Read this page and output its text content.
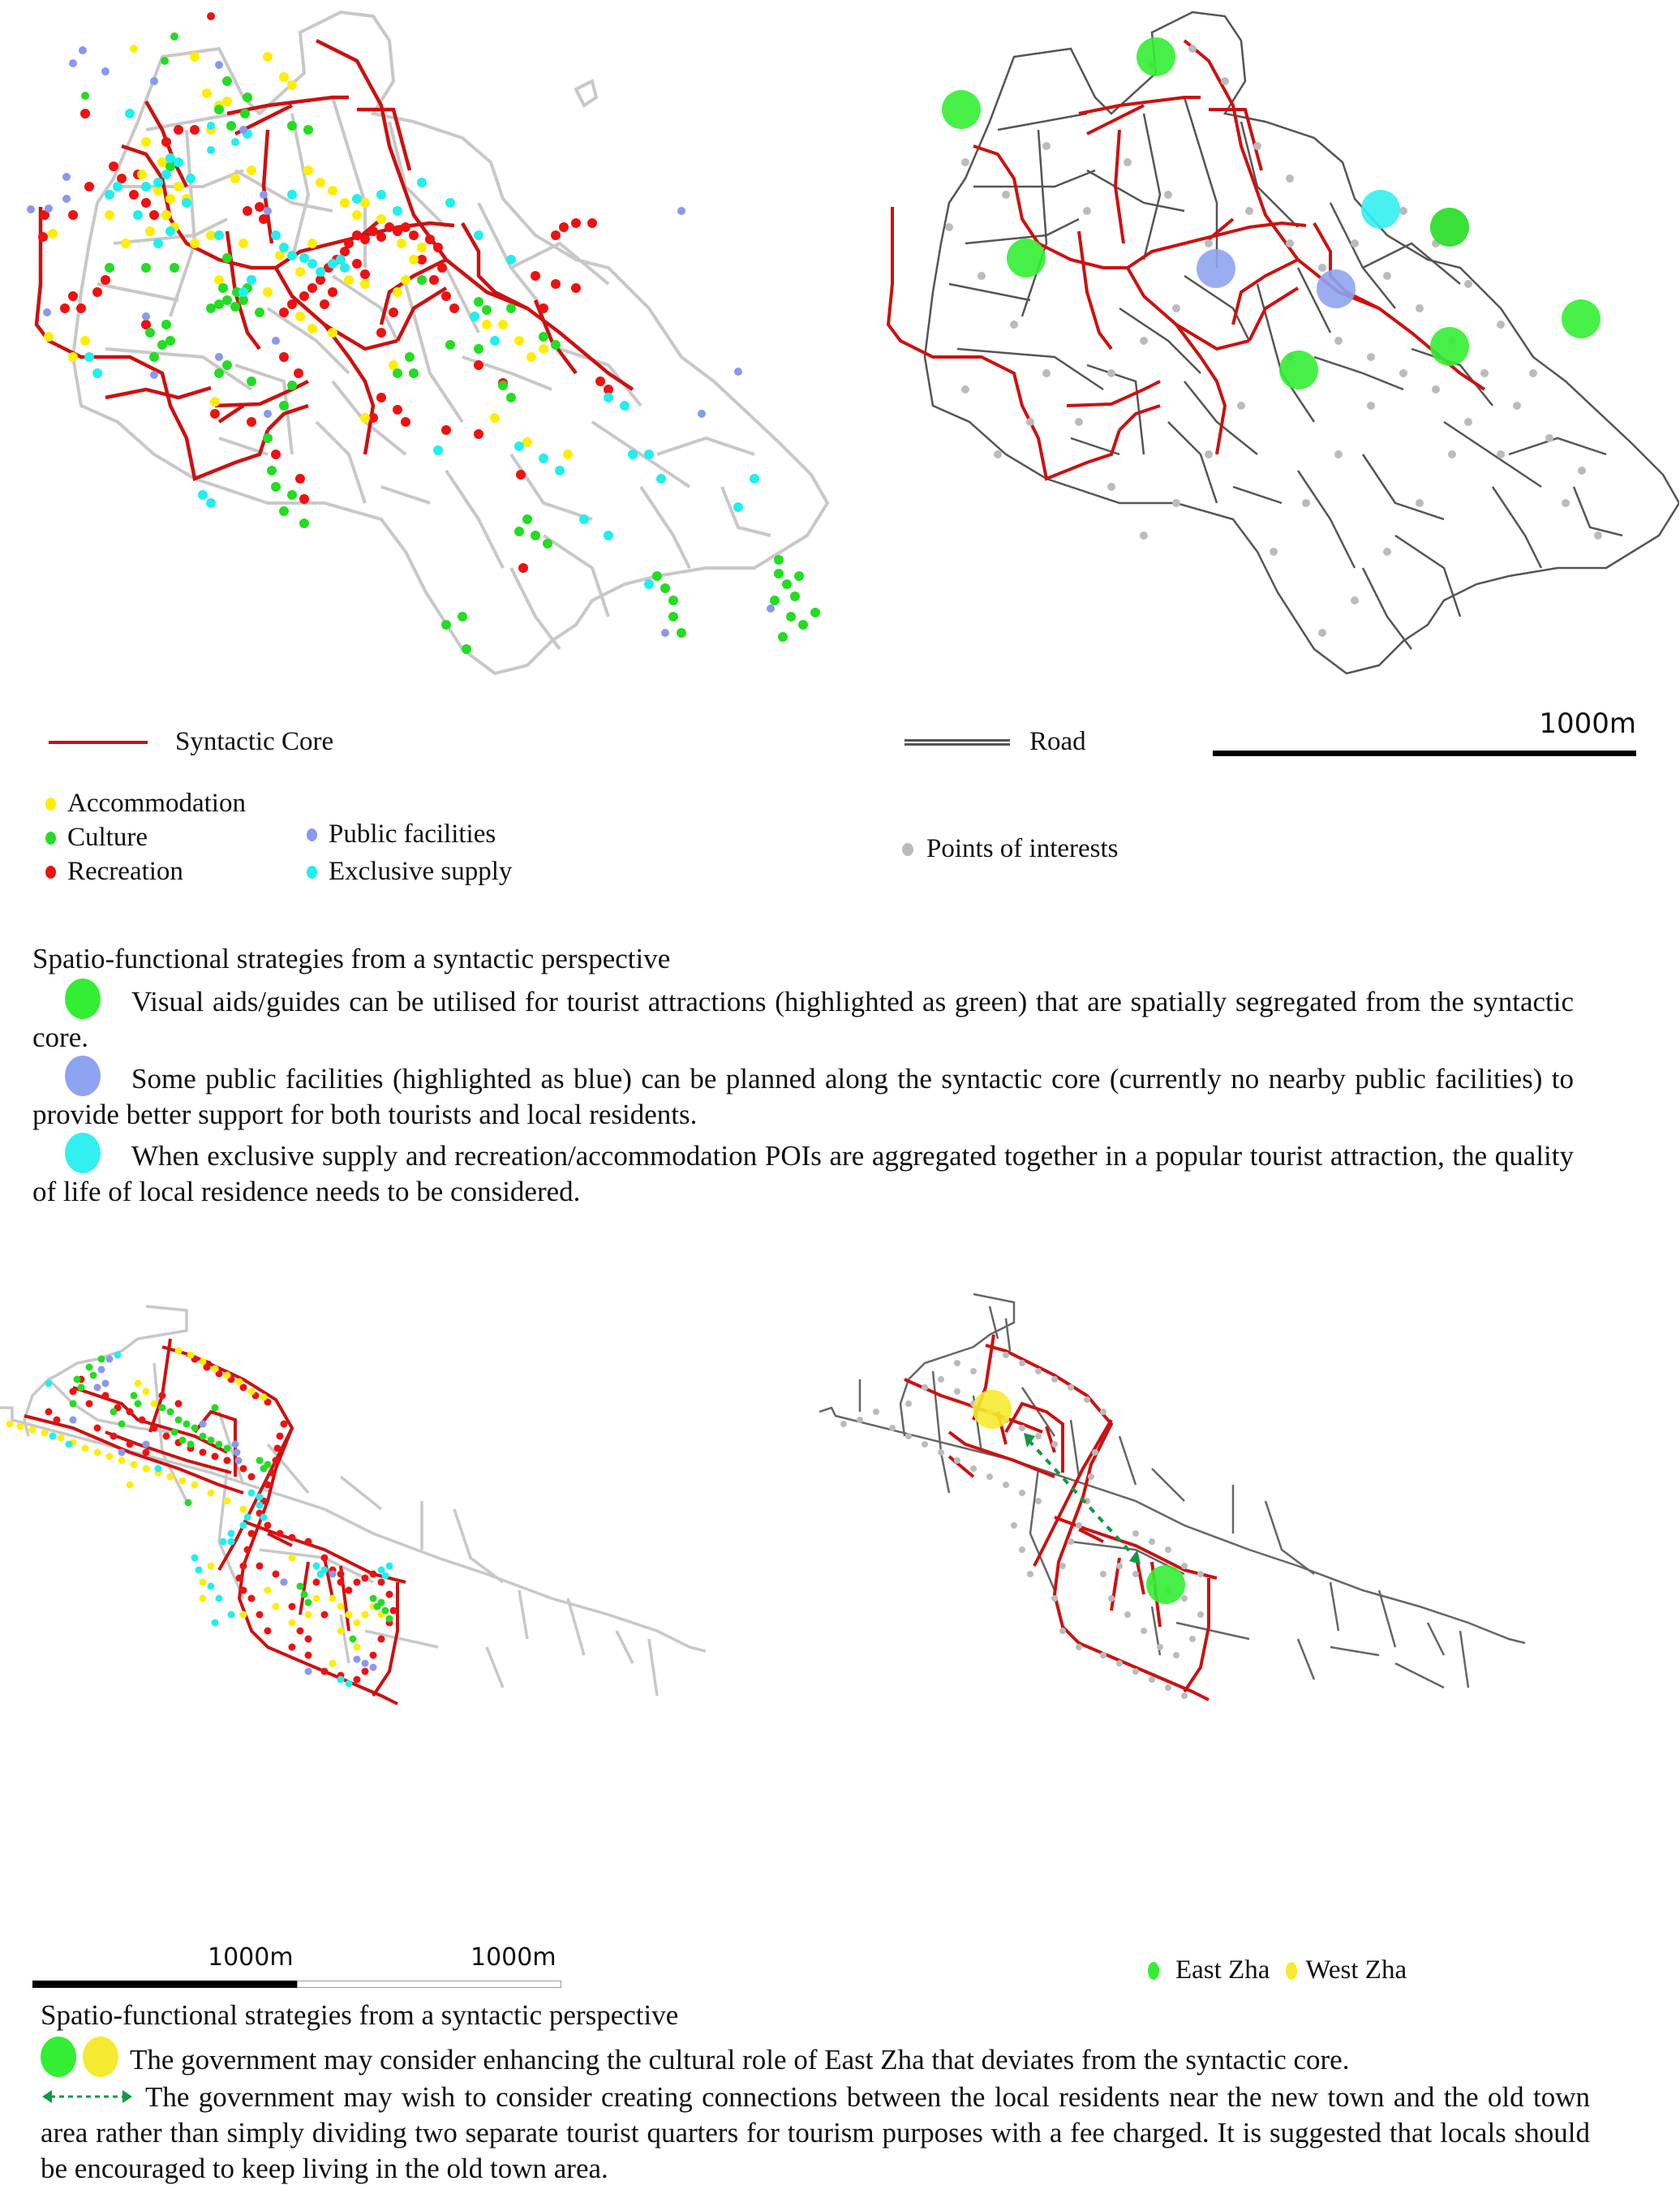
Syntactic Core	Road
1000m
Accommodation
Culture
Recreation
Public facilities
Exclusive supply
Points of interests
Spatio-functional strategies from a syntactic perspective
Visual aids/guides can be utilised for tourist attractions (highlighted as green) that are spatially segregated from the syntactic core.
Some public facilities (highlighted as blue) can be planned along the syntactic core (currently no nearby public facilities) to provide better support for both tourists and local residents.
When exclusive supply and recreation/accommodation POIs are aggregated together in a popular tourist attraction, the quality of life of local residence needs to be considered.
1000m	1000m	East Zha West Zha
Spatio-functional strategies from a syntactic perspective
The government may consider enhancing the cultural role of East Zha that deviates from the syntactic core.
The government may wish to consider creating connections between the local residents near the new town and the old town area rather than simply dividing two separate tourist quarters for tourism purposes with a fee charged. It is suggested that locals should be encouraged to keep living in the old town area.
